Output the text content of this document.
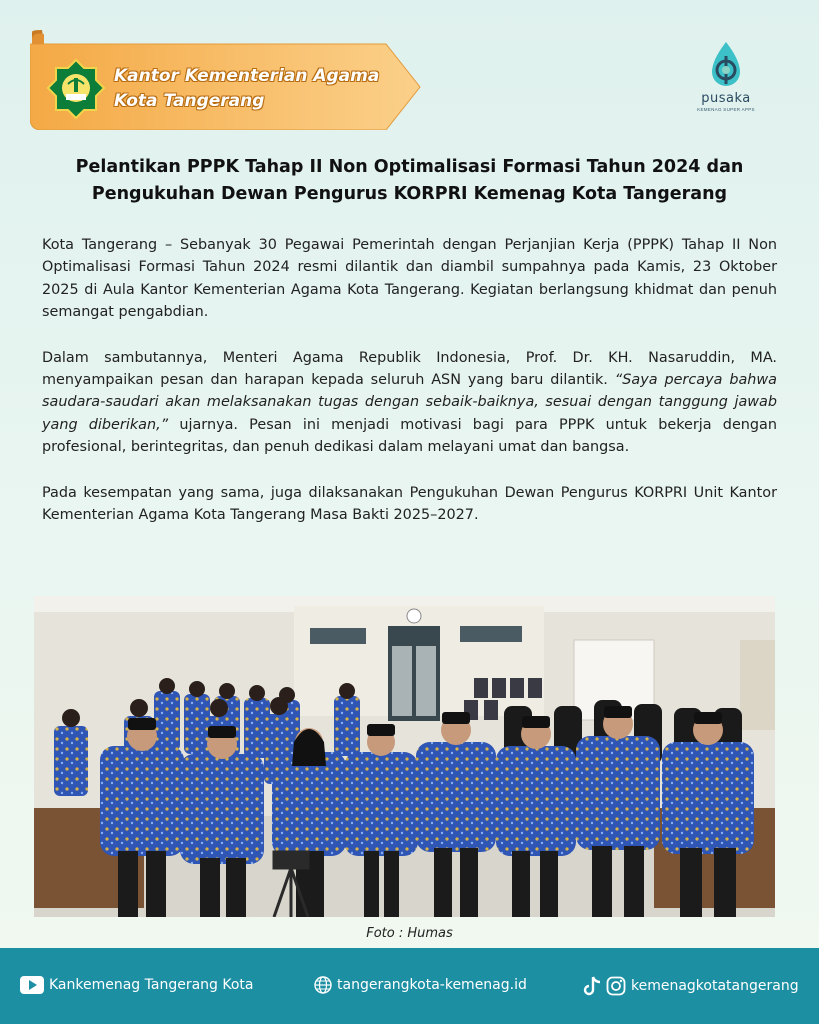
Kantor Kementerian Agama
Kota Tangerang	pusaka
KEMENAG SUPER APPS
Pelantikan PPPK Tahap II Non Optimalisasi Formasi Tahun 2024 dan
Pengukuhan Dewan Pengurus KORPRI Kemenag Kota Tangerang

Kota Tangerang – Sebanyak 30 Pegawai Pemerintah dengan Perjanjian Kerja (PPPK) Tahap II Non Optimalisasi Formasi Tahun 2024 resmi dilantik dan diambil sumpahnya pada Kamis, 23 Oktober 2025 di Aula Kantor Kementerian Agama Kota Tangerang. Kegiatan berlangsung khidmat dan penuh semangat pengabdian.

Dalam sambutannya, Menteri Agama Republik Indonesia, Prof. Dr. KH. Nasaruddin, MA. menyampaikan pesan dan harapan kepada seluruh ASN yang baru dilantik. “Saya percaya bahwa saudara-saudari akan melaksanakan tugas dengan sebaik-baiknya, sesuai dengan tanggung jawab yang diberikan,” ujarnya. Pesan ini menjadi motivasi bagi para PPPK untuk bekerja dengan profesional, berintegritas, dan penuh dedikasi dalam melayani umat dan bangsa.

Pada kesempatan yang sama, juga dilaksanakan Pengukuhan Dewan Pengurus KORPRI Unit Kantor Kementerian Agama Kota Tangerang Masa Bakti 2025–2027.

Foto : Humas
Kankemenag Tangerang Kota	tangerangkota-kemenag.id	kemenagkotatangerang
